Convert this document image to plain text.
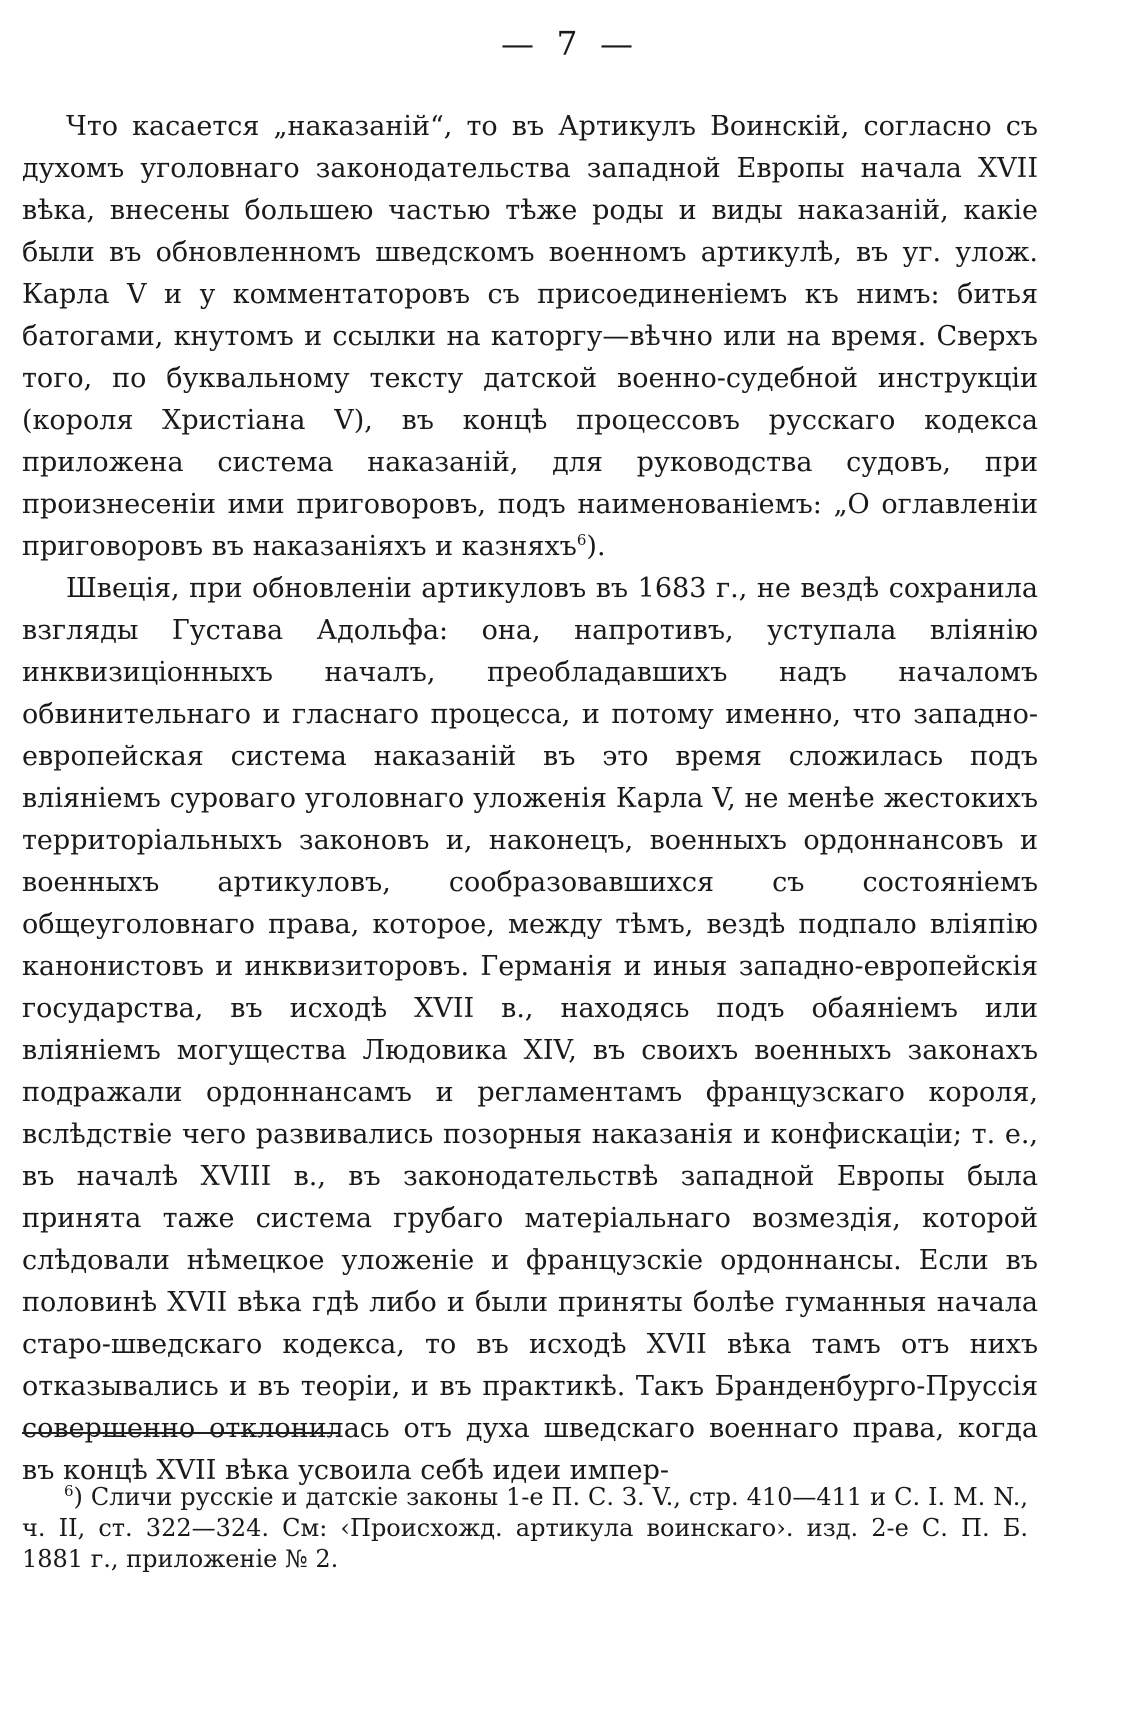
— 7 —

Что касается „наказаній“, то въ Артикулъ Воинскій, согласно съ духомъ уголовнаго законодательства западной Европы начала XVII вѣка, внесены большею частью тѣже роды и виды наказаній, какіе были въ обновленномъ шведскомъ военномъ артикулѣ, въ уг. улож. Карла V и у комментаторовъ съ присоединеніемъ къ нимъ: битья батогами, кнутомъ и ссылки на каторгу—вѣчно или на время. Сверхъ того, по буквальному тексту датской военно-судебной инструкціи (короля Христіана V), въ концѣ процессовъ русскаго кодекса приложена система наказаній, для руководства судовъ, при произнесеніи ими приговоровъ, подъ наименованіемъ: „О оглавленіи приговоровъ въ наказаніяхъ и казняхъ$^6$).

Швеція, при обновленіи артикуловъ въ 1683 г., не вездѣ сохранила взгляды Густава Адольфа: она, напротивъ, уступала вліянію инквизиціонныхъ началъ, преобладавшихъ надъ началомъ обвинительнаго и гласнаго процесса, и потому именно, что западно-европейская система наказаній въ это время сложилась подъ вліяніемъ суроваго уголовнаго уложенія Карла V, не менѣе жестокихъ территоріальныхъ законовъ и, наконецъ, военныхъ ордоннансовъ и военныхъ артикуловъ, сообразовавшихся съ состояніемъ общеуголовнаго права, которое, между тѣмъ, вездѣ подпало вліяпію канонистовъ и инквизиторовъ. Германія и иныя западно-европейскія государства, въ исходѣ XVII в., находясь подъ обаяніемъ или вліяніемъ могущества Людовика XIV, въ своихъ военныхъ законахъ подражали ордоннансамъ и регламентамъ французскаго короля, вслѣдствіе чего развивались позорныя наказанія и конфискаціи; т. е., въ началѣ XVIII в., въ законодательствѣ западной Европы была принята таже система грубаго матеріальнаго возмездія, которой слѣдовали нѣмецкое уложеніе и французскіе ордоннансы. Если въ половинѣ XVII вѣка гдѣ либо и были приняты болѣе гуманныя начала старо-шведскаго кодекса, то въ исходѣ XVII вѣка тамъ отъ нихъ отказывались и въ теоріи, и въ практикѣ. Такъ Бранденбурго-Пруссія совершенно отклонилась отъ духа шведскаго военнаго права, когда въ концѣ XVII вѣка усвоила себѣ идеи импер-

$^6$) Сличи русскіе и датскіе законы 1-е П. С. З. V., стр. 410—411 и С. I. М. N., ч. II, ст. 322—324. См: ‹Происхожд. артикула воинскаго›. изд. 2-е С. П. Б. 1881 г., приложеніе № 2.
